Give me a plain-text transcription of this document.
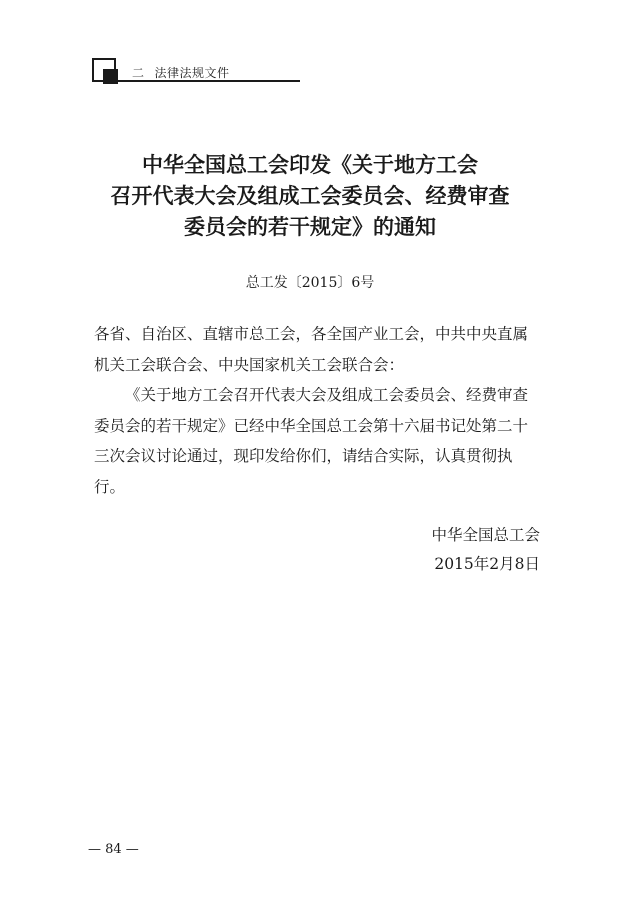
二 法律法规文件
中华全国总工会印发《关于地方工会
召开代表大会及组成工会委员会、经费审查
委员会的若干规定》的通知
总工发〔2015〕6号

各省、自治区、直辖市总工会，各全国产业工会，中共中央直属机关工会联合会、中央国家机关工会联合会：

《关于地方工会召开代表大会及组成工会委员会、经费审查委员会的若干规定》已经中华全国总工会第十六届书记处第二十三次会议讨论通过，现印发给你们，请结合实际，认真贯彻执行。

中华全国总工会
2015年2月8日
— 84 —
